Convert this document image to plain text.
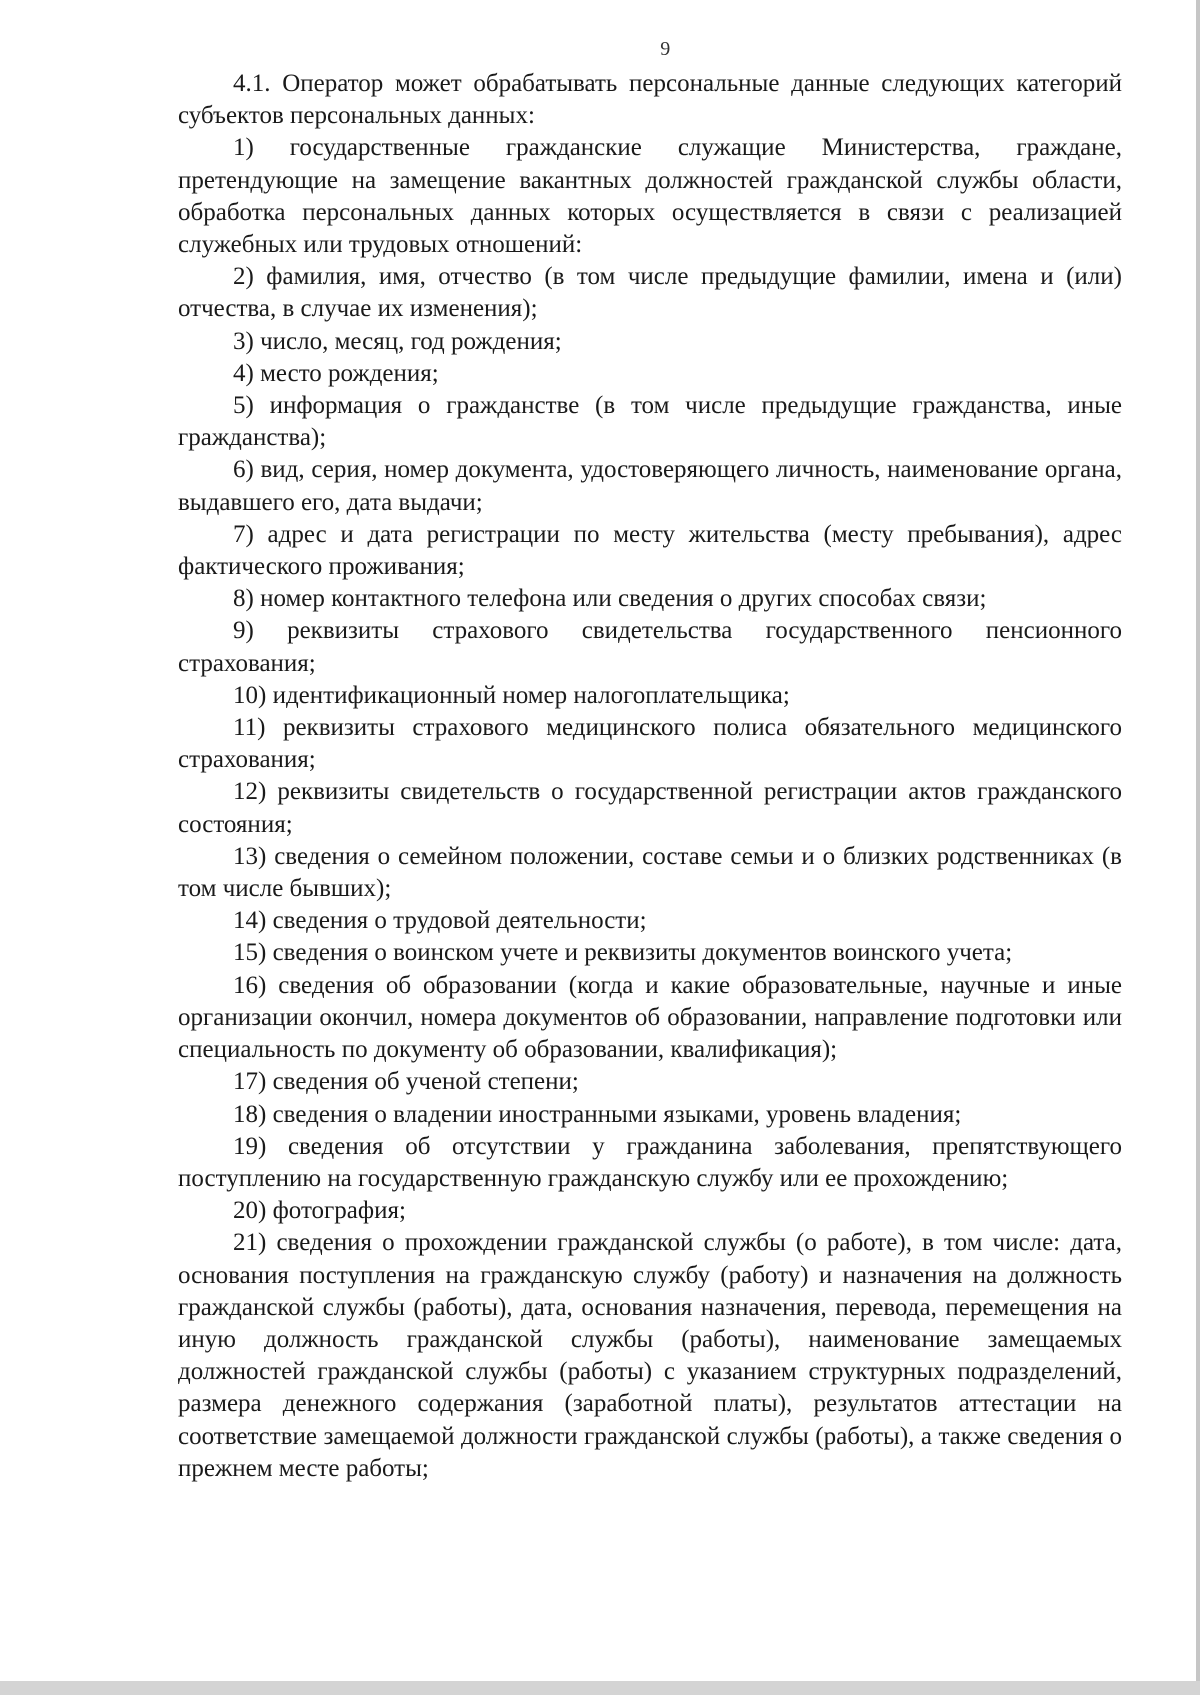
9

4.1. Оператор может обрабатывать персональные данные следующих категорий субъектов персональных данных:

1) государственные гражданские служащие Министерства, граждане, претендующие на замещение вакантных должностей гражданской службы области, обработка персональных данных которых осуществляется в связи с реализацией служебных или трудовых отношений:

2) фамилия, имя, отчество (в том числе предыдущие фамилии, имена и (или) отчества, в случае их изменения);

3) число, месяц, год рождения;

4) место рождения;

5) информация о гражданстве (в том числе предыдущие гражданства, иные гражданства);

6) вид, серия, номер документа, удостоверяющего личность, наименование органа, выдавшего его, дата выдачи;

7) адрес и дата регистрации по месту жительства (месту пребывания), адрес фактического проживания;

8) номер контактного телефона или сведения о других способах связи;

9) реквизиты страхового свидетельства государственного пенсионного страхования;

10) идентификационный номер налогоплательщика;

11) реквизиты страхового медицинского полиса обязательного медицинского страхования;

12) реквизиты свидетельств о государственной регистрации актов гражданского состояния;

13) сведения о семейном положении, составе семьи и о близких родственниках (в том числе бывших);

14) сведения о трудовой деятельности;

15) сведения о воинском учете и реквизиты документов воинского учета;

16) сведения об образовании (когда и какие образовательные, научные и иные организации окончил, номера документов об образовании, направление подготовки или специальность по документу об образовании, квалификация);

17) сведения об ученой степени;

18) сведения о владении иностранными языками, уровень владения;

19) сведения об отсутствии у гражданина заболевания, препятствующего поступлению на государственную гражданскую службу или ее прохождению;

20) фотография;

21) сведения о прохождении гражданской службы (о работе), в том числе: дата, основания поступления на гражданскую службу (работу) и назначения на должность гражданской службы (работы), дата, основания назначения, перевода, перемещения на иную должность гражданской службы (работы), наименование замещаемых должностей гражданской службы (работы) с указанием структурных подразделений, размера денежного содержания (заработной платы), результатов аттестации на соответствие замещаемой должности гражданской службы (работы), а также сведения о прежнем месте работы;
